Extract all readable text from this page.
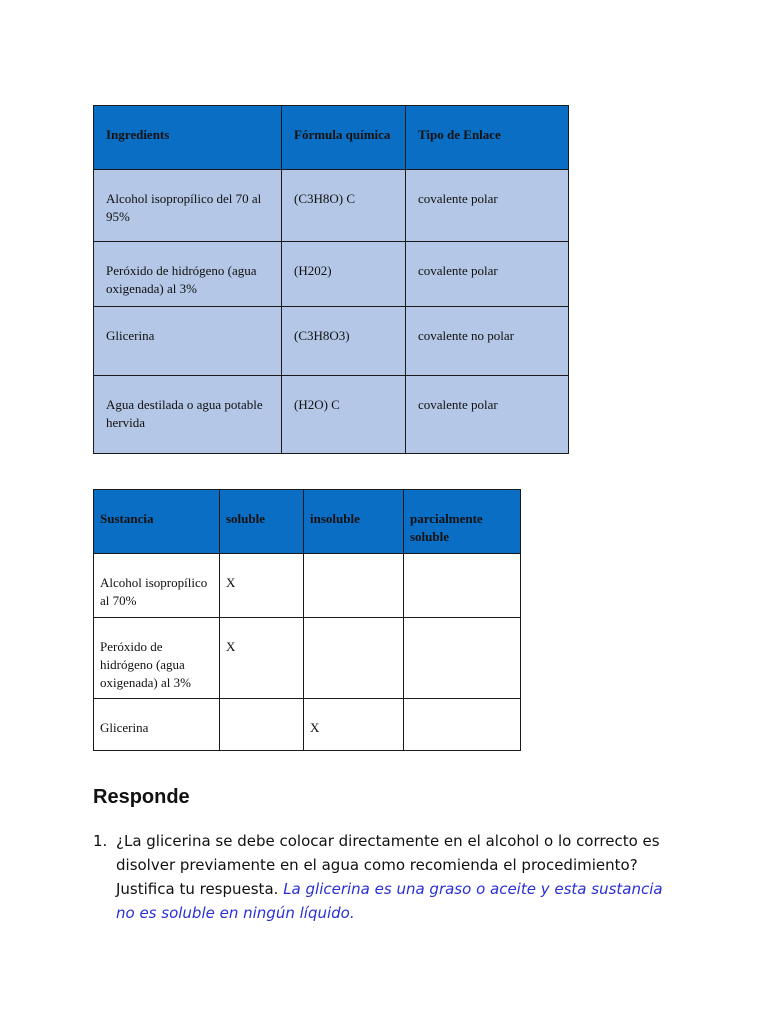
Ingredients	Fórmula química	Tipo de Enlace
Alcohol isopropílico del 70 al 95%	(C3H8O) C	covalente polar
Peróxido de hidrógeno (agua oxigenada) al 3%	(H202)	covalente polar
Glicerina	(C3H8O3)	covalente no polar
Agua destilada o agua potable hervida	(H2O) C	covalente polar
Sustancia	soluble	insoluble	parcialmente soluble
Alcohol isopropílico al 70%	X		
Peróxido de hidrógeno (agua oxigenada) al 3%	X		
Glicerina		X	
Responde

1. ¿La glicerina se debe colocar directamente en el alcohol o lo correcto es disolver previamente en el agua como recomienda el procedimiento? Justifica tu respuesta. La glicerina es una graso o aceite y esta sustancia no es soluble en ningún líquido.
